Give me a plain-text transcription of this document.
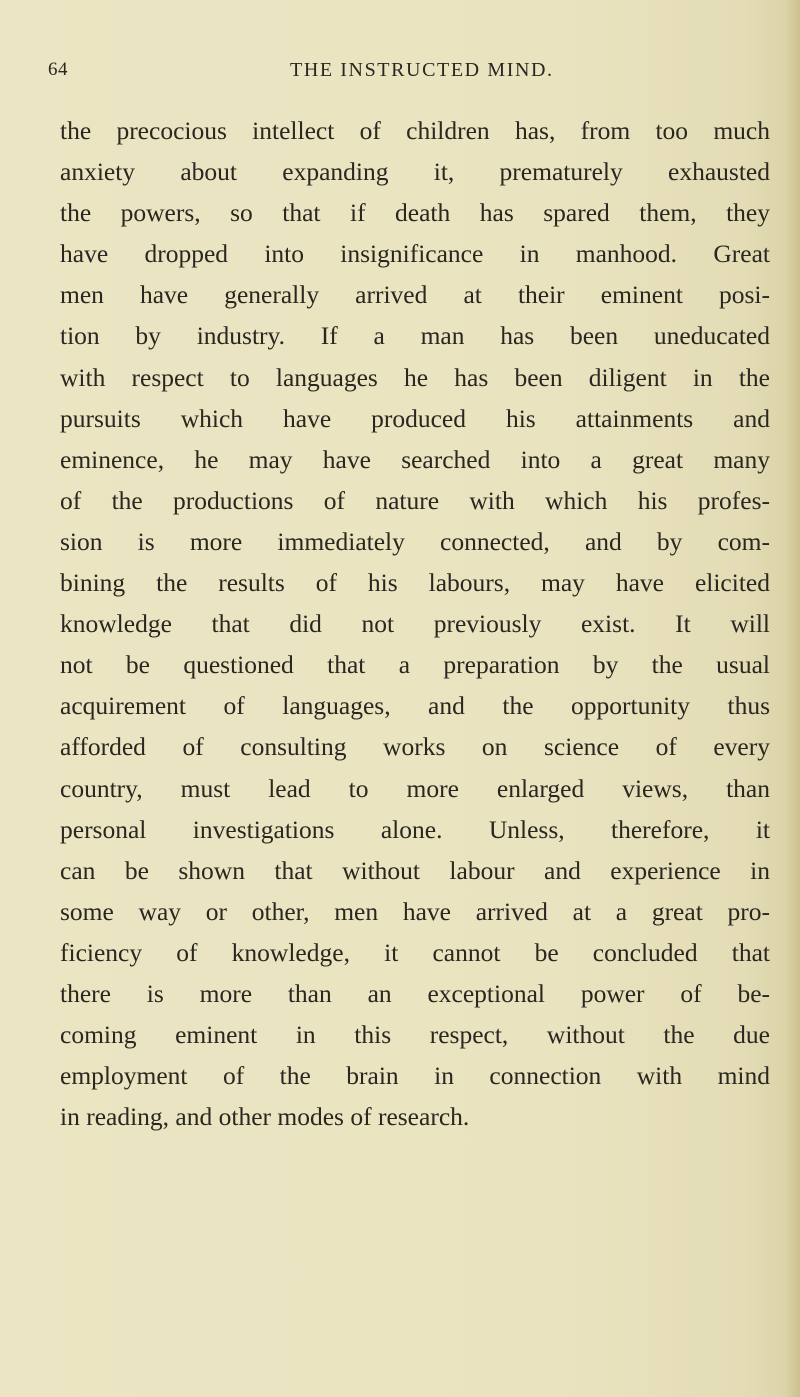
64	THE INSTRUCTED MIND.
the precocious intellect of children has, from too much
anxiety about expanding it, prematurely exhausted
the powers, so that if death has spared them, they
have dropped into insignificance in manhood. Great
men have generally arrived at their eminent posi-
tion by industry. If a man has been uneducated
with respect to languages he has been diligent in the
pursuits which have produced his attainments and
eminence, he may have searched into a great many
of the productions of nature with which his profes-
sion is more immediately connected, and by com-
bining the results of his labours, may have elicited
knowledge that did not previously exist. It will
not be questioned that a preparation by the usual
acquirement of languages, and the opportunity thus
afforded of consulting works on science of every
country, must lead to more enlarged views, than
personal investigations alone. Unless, therefore, it
can be shown that without labour and experience in
some way or other, men have arrived at a great pro-
ficiency of knowledge, it cannot be concluded that
there is more than an exceptional power of be-
coming eminent in this respect, without the due
employment of the brain in connection with mind
in reading, and other modes of research.
